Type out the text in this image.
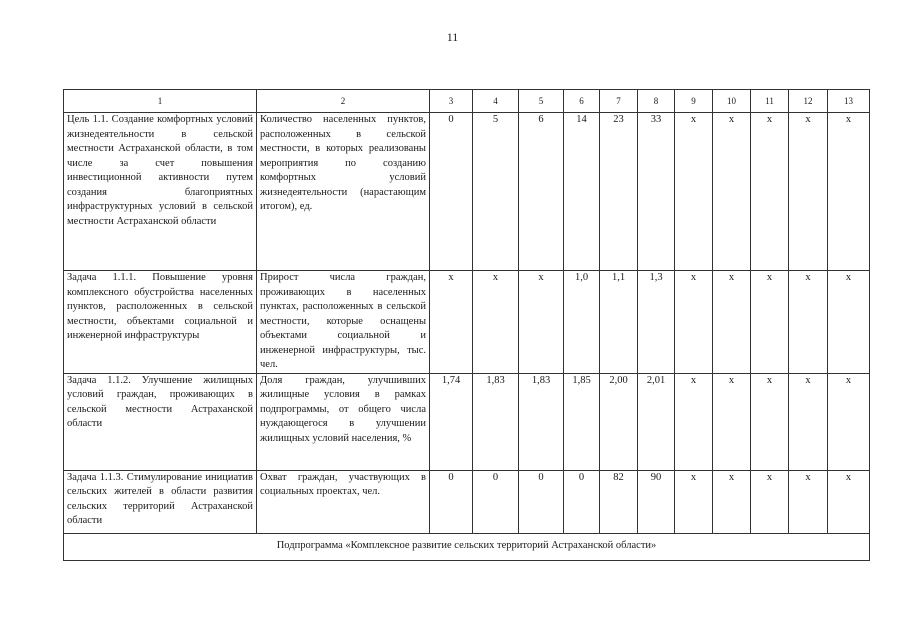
11
1	2	3	4	5	6	7	8	9	10	11	12	13
Цель 1.1. Создание комфортных условий жизнедеятельности в сельской местности Астраханской области, в том числе за счет повышения инвестиционной активности путем создания благоприятных инфраструктурных условий в сельской местности Астраханской области	Количество населенных пунктов, расположенных в сельской местности, в которых реализованы мероприятия по созданию комфортных условий жизнедеятельности (нарастающим итогом), ед.	0	5	6	14	23	33	х	х	х	х	х
Задача 1.1.1. Повышение уровня комплексного обустройства населенных пунктов, расположенных в сельской местности, объектами социальной и инженерной инфраструктуры	Прирост числа граждан, проживающих в населенных пунктах, расположенных в сельской местности, которые оснащены объектами социальной и инженерной инфраструктуры, тыс. чел.	х	х	х	1,0	1,1	1,3	х	х	х	х	х
Задача 1.1.2. Улучшение жилищных условий граждан, проживающих в сельской местности Астраханской области	Доля граждан, улучшивших жилищные условия в рамках подпрограммы, от общего числа нуждающегося в улучшении жилищных условий населения, %	1,74	1,83	1,83	1,85	2,00	2,01	х	х	х	х	х
Задача 1.1.3. Стимулирование инициатив сельских жителей в области развития сельских территорий Астраханской области	Охват граждан, участвующих в социальных проектах, чел.	0	0	0	0	82	90	х	х	х	х	х
Подпрограмма «Комплексное развитие сельских территорий Астраханской области»												
